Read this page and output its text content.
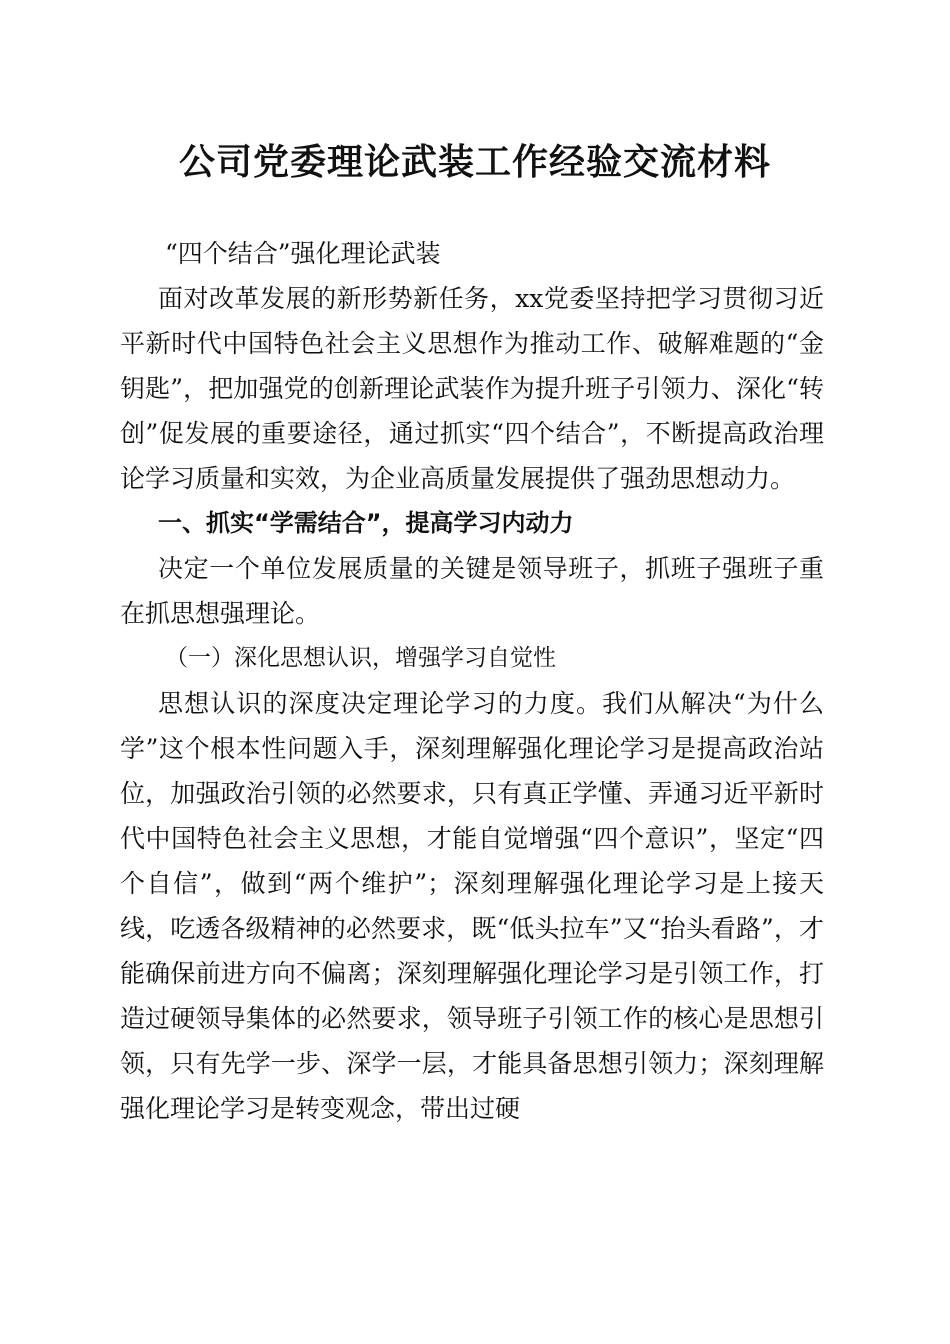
公司党委理论武装工作经验交流材料

“四个结合”强化理论武装

面对改革发展的新形势新任务，xx党委坚持把学习贯彻习近平新时代中国特色社会主义思想作为推动工作、破解难题的“金钥匙”，把加强党的创新理论武装作为提升班子引领力、深化“转创”促发展的重要途径，通过抓实“四个结合”，不断提高政治理论学习质量和实效，为企业高质量发展提供了强劲思想动力。

一、抓实“学需结合”，提高学习内动力

决定一个单位发展质量的关键是领导班子，抓班子强班子重在抓思想强理论。

（一）深化思想认识，增强学习自觉性

思想认识的深度决定理论学习的力度。我们从解决“为什么学”这个根本性问题入手，深刻理解强化理论学习是提高政治站位，加强政治引领的必然要求，只有真正学懂、弄通习近平新时代中国特色社会主义思想，才能自觉增强“四个意识”，坚定“四个自信”，做到“两个维护”；深刻理解强化理论学习是上接天线，吃透各级精神的必然要求，既“低头拉车”又“抬头看路”，才能确保前进方向不偏离；深刻理解强化理论学习是引领工作，打造过硬领导集体的必然要求，领导班子引领工作的核心是思想引领，只有先学一步、深学一层，才能具备思想引领力；深刻理解强化理论学习是转变观念，带出过硬
